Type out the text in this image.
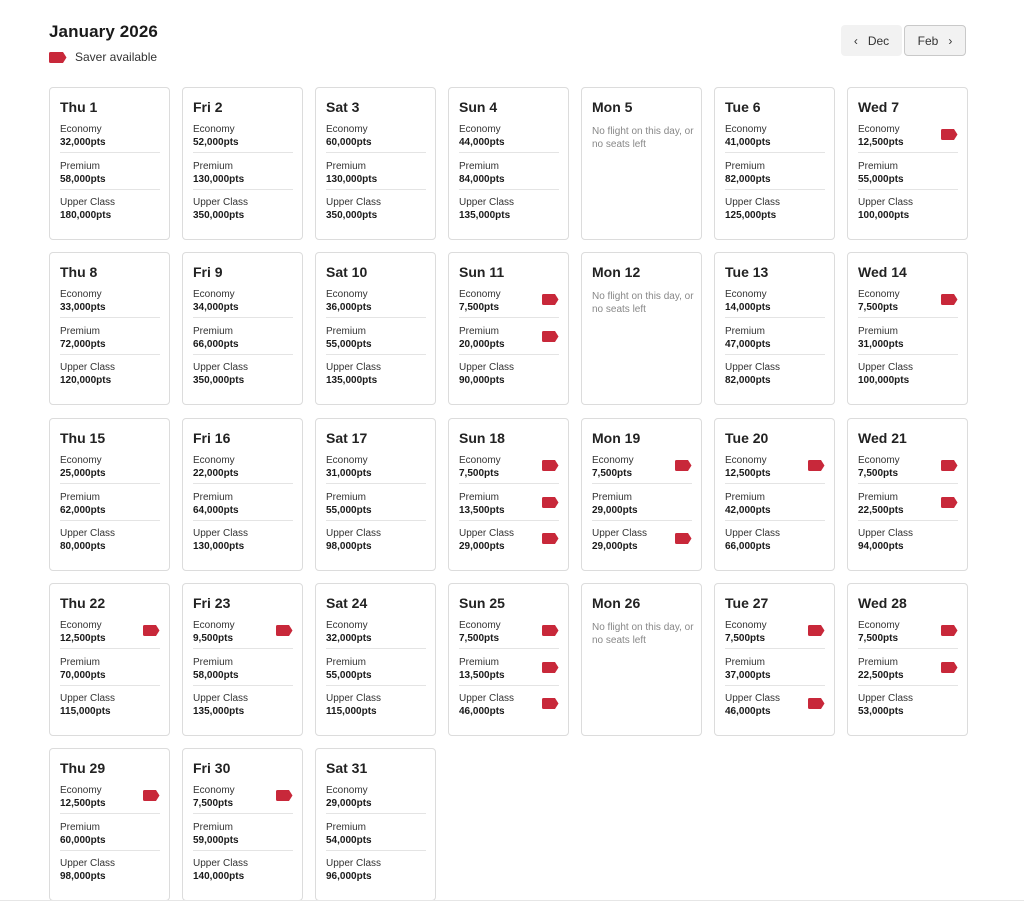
January 2026
Saver available
‹ Dec Feb ›
Thu 1
Economy
32,000pts
Premium
58,000pts
Upper Class
180,000pts
Fri 2
Economy
52,000pts
Premium
130,000pts
Upper Class
350,000pts
Sat 3
Economy
60,000pts
Premium
130,000pts
Upper Class
350,000pts
Sun 4
Economy
44,000pts
Premium
84,000pts
Upper Class
135,000pts
Mon 5
No flight on this day, or no seats left
Tue 6
Economy
41,000pts
Premium
82,000pts
Upper Class
125,000pts
Wed 7
Economy
12,500pts
Premium
55,000pts
Upper Class
100,000pts
Thu 8
Economy
33,000pts
Premium
72,000pts
Upper Class
120,000pts
Fri 9
Economy
34,000pts
Premium
66,000pts
Upper Class
350,000pts
Sat 10
Economy
36,000pts
Premium
55,000pts
Upper Class
135,000pts
Sun 11
Economy
7,500pts
Premium
20,000pts
Upper Class
90,000pts
Mon 12
No flight on this day, or no seats left
Tue 13
Economy
14,000pts
Premium
47,000pts
Upper Class
82,000pts
Wed 14
Economy
7,500pts
Premium
31,000pts
Upper Class
100,000pts
Thu 15
Economy
25,000pts
Premium
62,000pts
Upper Class
80,000pts
Fri 16
Economy
22,000pts
Premium
64,000pts
Upper Class
130,000pts
Sat 17
Economy
31,000pts
Premium
55,000pts
Upper Class
98,000pts
Sun 18
Economy
7,500pts
Premium
13,500pts
Upper Class
29,000pts
Mon 19
Economy
7,500pts
Premium
29,000pts
Upper Class
29,000pts
Tue 20
Economy
12,500pts
Premium
42,000pts
Upper Class
66,000pts
Wed 21
Economy
7,500pts
Premium
22,500pts
Upper Class
94,000pts
Thu 22
Economy
12,500pts
Premium
70,000pts
Upper Class
115,000pts
Fri 23
Economy
9,500pts
Premium
58,000pts
Upper Class
135,000pts
Sat 24
Economy
32,000pts
Premium
55,000pts
Upper Class
115,000pts
Sun 25
Economy
7,500pts
Premium
13,500pts
Upper Class
46,000pts
Mon 26
No flight on this day, or no seats left
Tue 27
Economy
7,500pts
Premium
37,000pts
Upper Class
46,000pts
Wed 28
Economy
7,500pts
Premium
22,500pts
Upper Class
53,000pts
Thu 29
Economy
12,500pts
Premium
60,000pts
Upper Class
98,000pts
Fri 30
Economy
7,500pts
Premium
59,000pts
Upper Class
140,000pts
Sat 31
Economy
29,000pts
Premium
54,000pts
Upper Class
96,000pts
